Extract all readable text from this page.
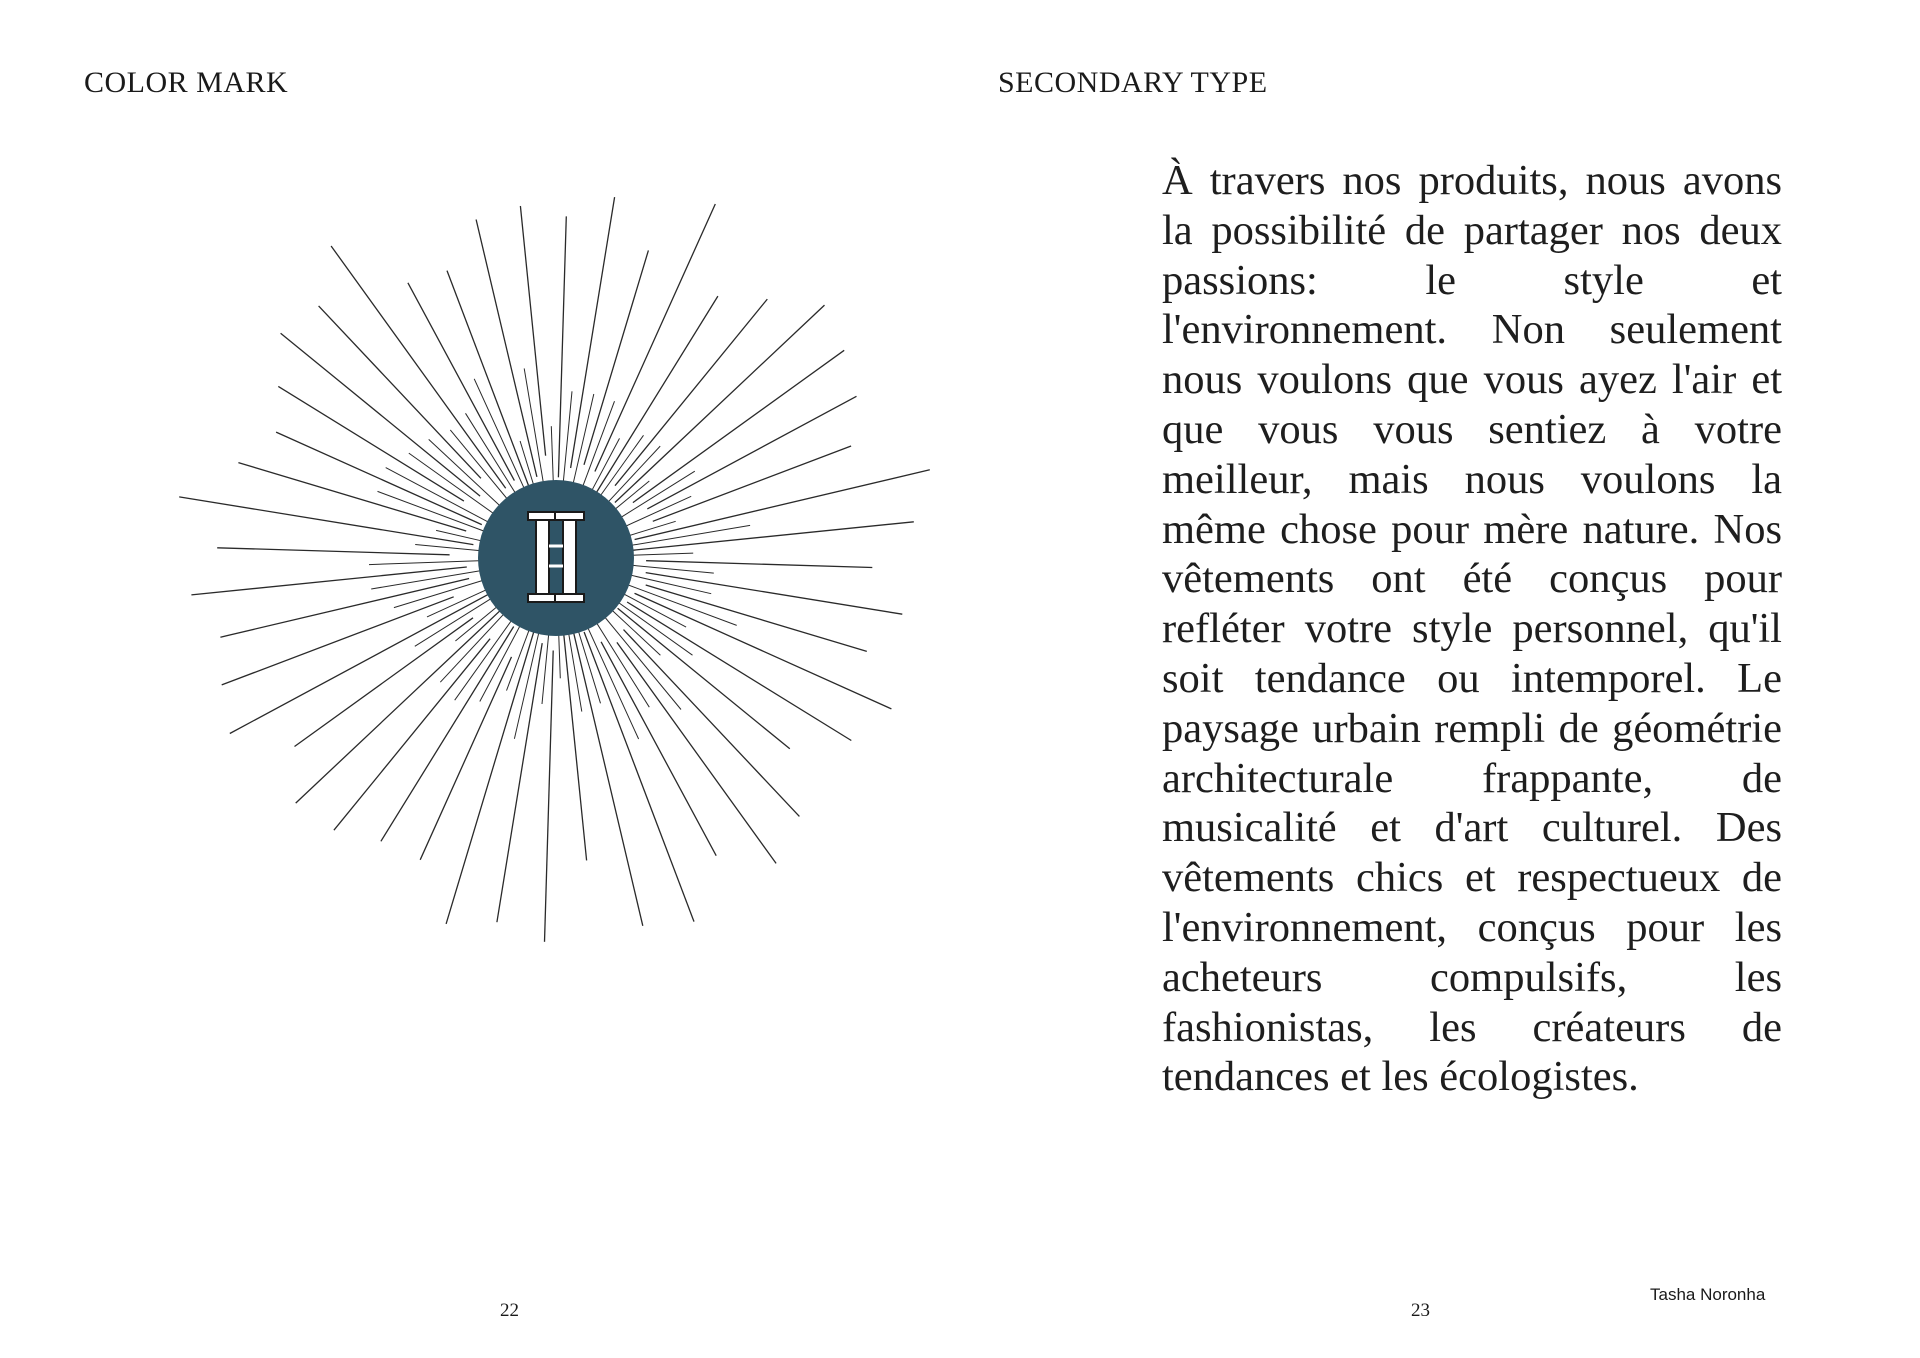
COLOR MARK
22
SECONDARY TYPE

À travers nos produits, nous avons la possibilité de partager nos deux passions: le style et l'environnement. Non seulement nous voulons que vous ayez l'air et que vous vous sentiez à votre meilleur, mais nous voulons la même chose pour mère nature. Nos vêtements ont été conçus pour refléter votre style personnel, qu'il soit tendance ou intemporel. Le paysage urbain rempli de géométrie architecturale frappante, de musicalité et d'art culturel. Des vêtements chics et respectueux de l'environnement, conçus pour les acheteurs compulsifs, les fashionistas, les créateurs de tendances et les écologistes.

Tasha Noronha
23
